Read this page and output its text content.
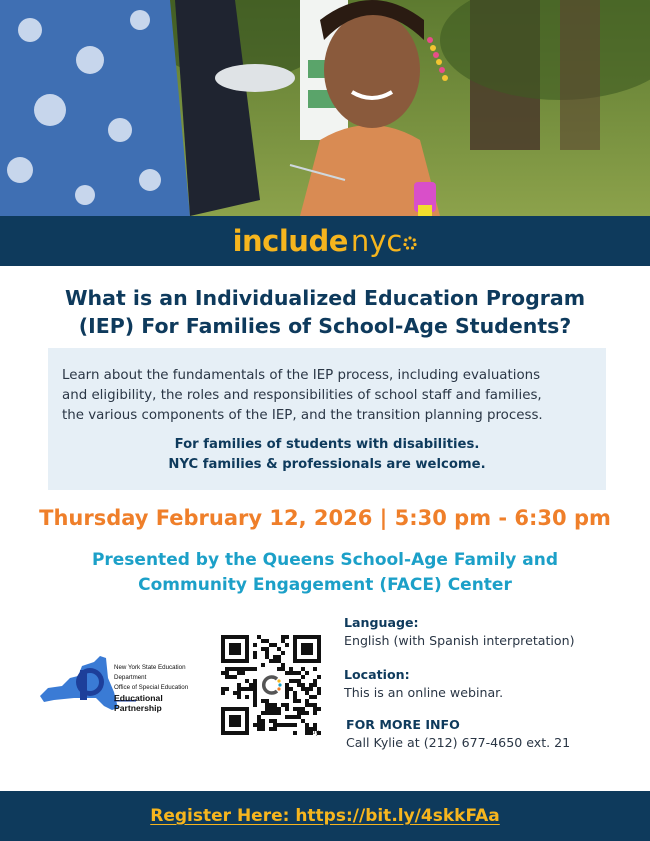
include nyc
What is an Individualized Education Program
(IEP) For Families of School-Age Students?
Learn about the fundamentals of the IEP process, including evaluations
and eligibility, the roles and responsibilities of school staff and families,
the various components of the IEP, and the transition planning process.
For families of students with disabilities.
NYC families & professionals are welcome.
Thursday February 12, 2026 | 5:30 pm - 6:30 pm
Presented by the Queens School-Age Family and
Community Engagement (FACE) Center
New York State Education Department
Office of Special Education
Educational Partnership
bitly
Language:
English (with Spanish interpretation)
Location:
This is an online webinar.
FOR MORE INFO
Call Kylie at (212) 677-4650 ext. 21
Register Here: https://bit.ly/4skkFAa
